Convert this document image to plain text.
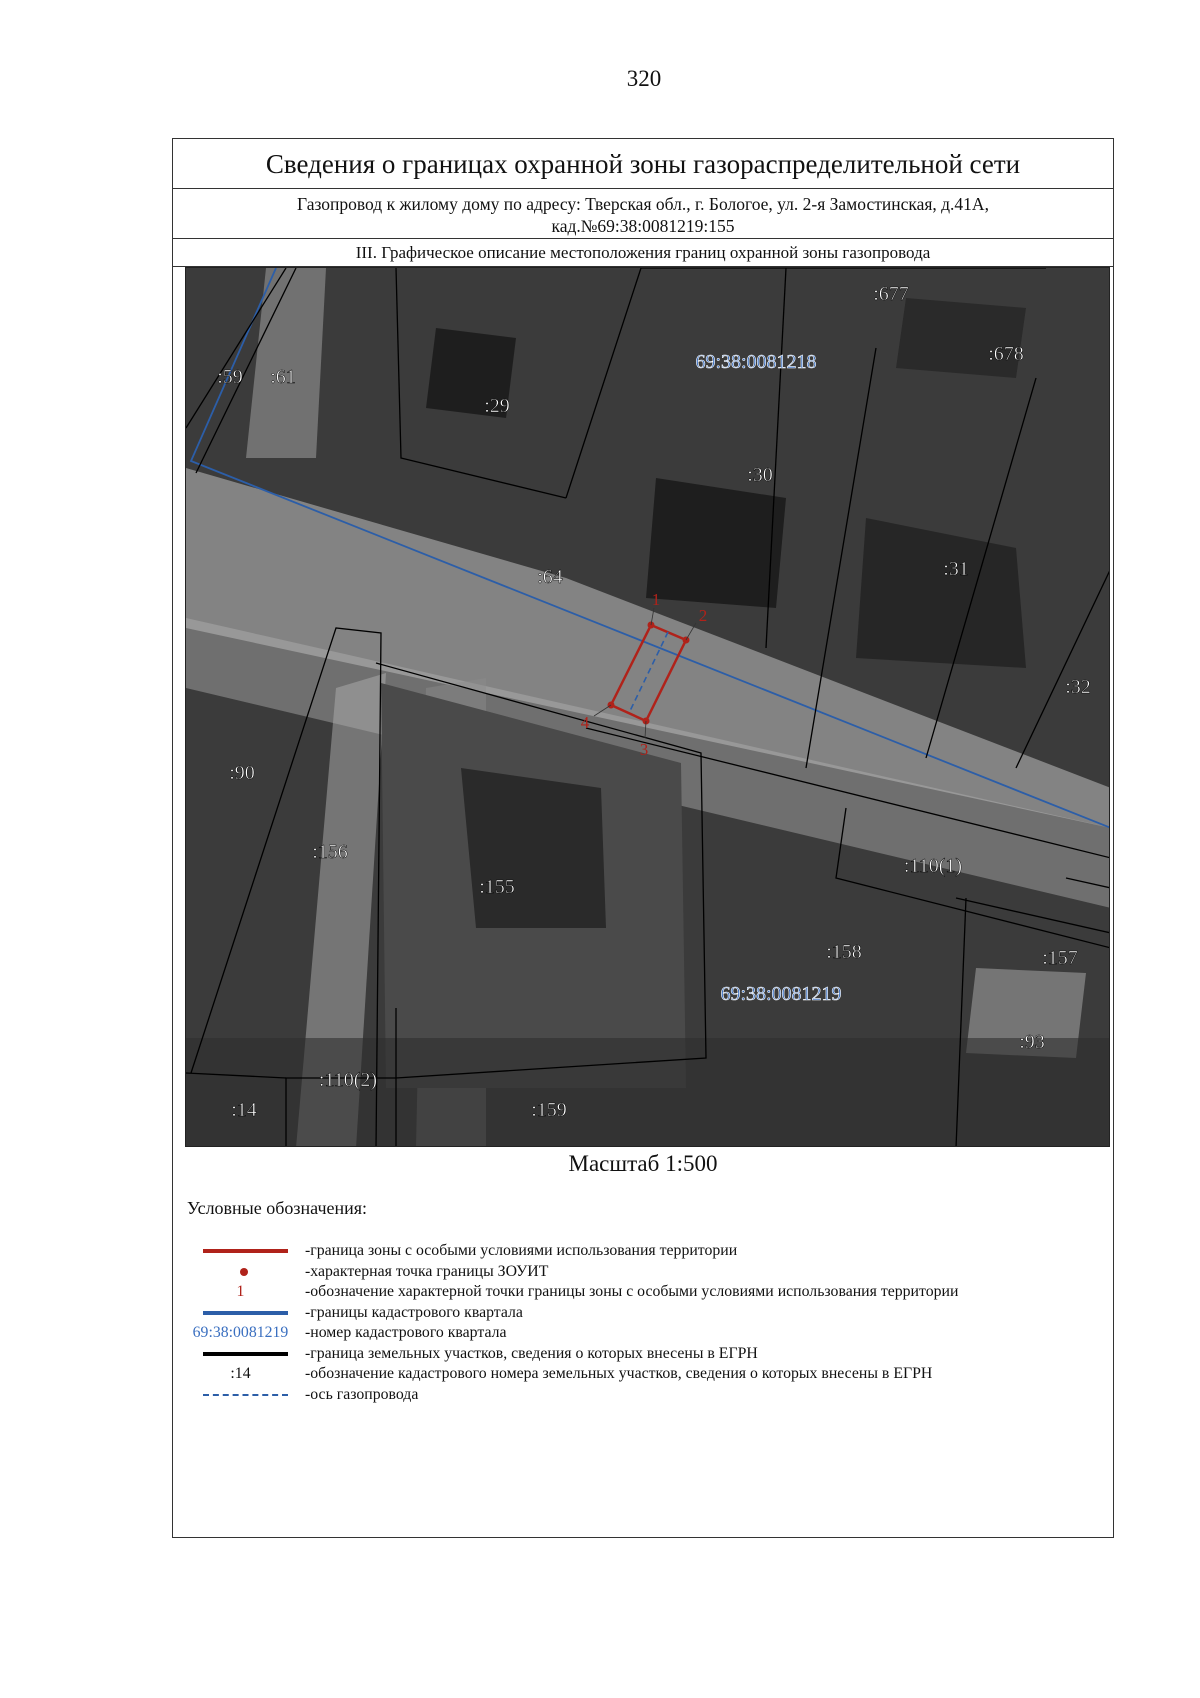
320
Сведения о границах охранной зоны газораспределительной сети
Газопровод к жилому дому по адресу: Тверская обл., г. Бологое, ул. 2-я Замостинская, д.41А,
кад.№69:38:0081219:155
III. Графическое описание местоположения границ охранной зоны газопровода
1
2
3
4
69:38:0081218
69:38:0081219
:677
:678
:59 :61
:29
:30
:31
:64
:32
:90
:156
:155
:110(1)
:158	:157
:93
:110(2)
:14	:159
Масштаб 1:500
Условные обозначения:
-граница зоны с особыми условиями использования территории
-характерная точка границы ЗОУИТ
1	-обозначение характерной точки границы зоны с особыми условиями использования территории
-границы кадастрового квартала
69:38:0081219	-номер кадастрового квартала
-граница земельных участков, сведения о которых внесены в ЕГРН
:14	-обозначение кадастрового номера земельных участков, сведения о которых внесены в ЕГРН
-ось газопровода
